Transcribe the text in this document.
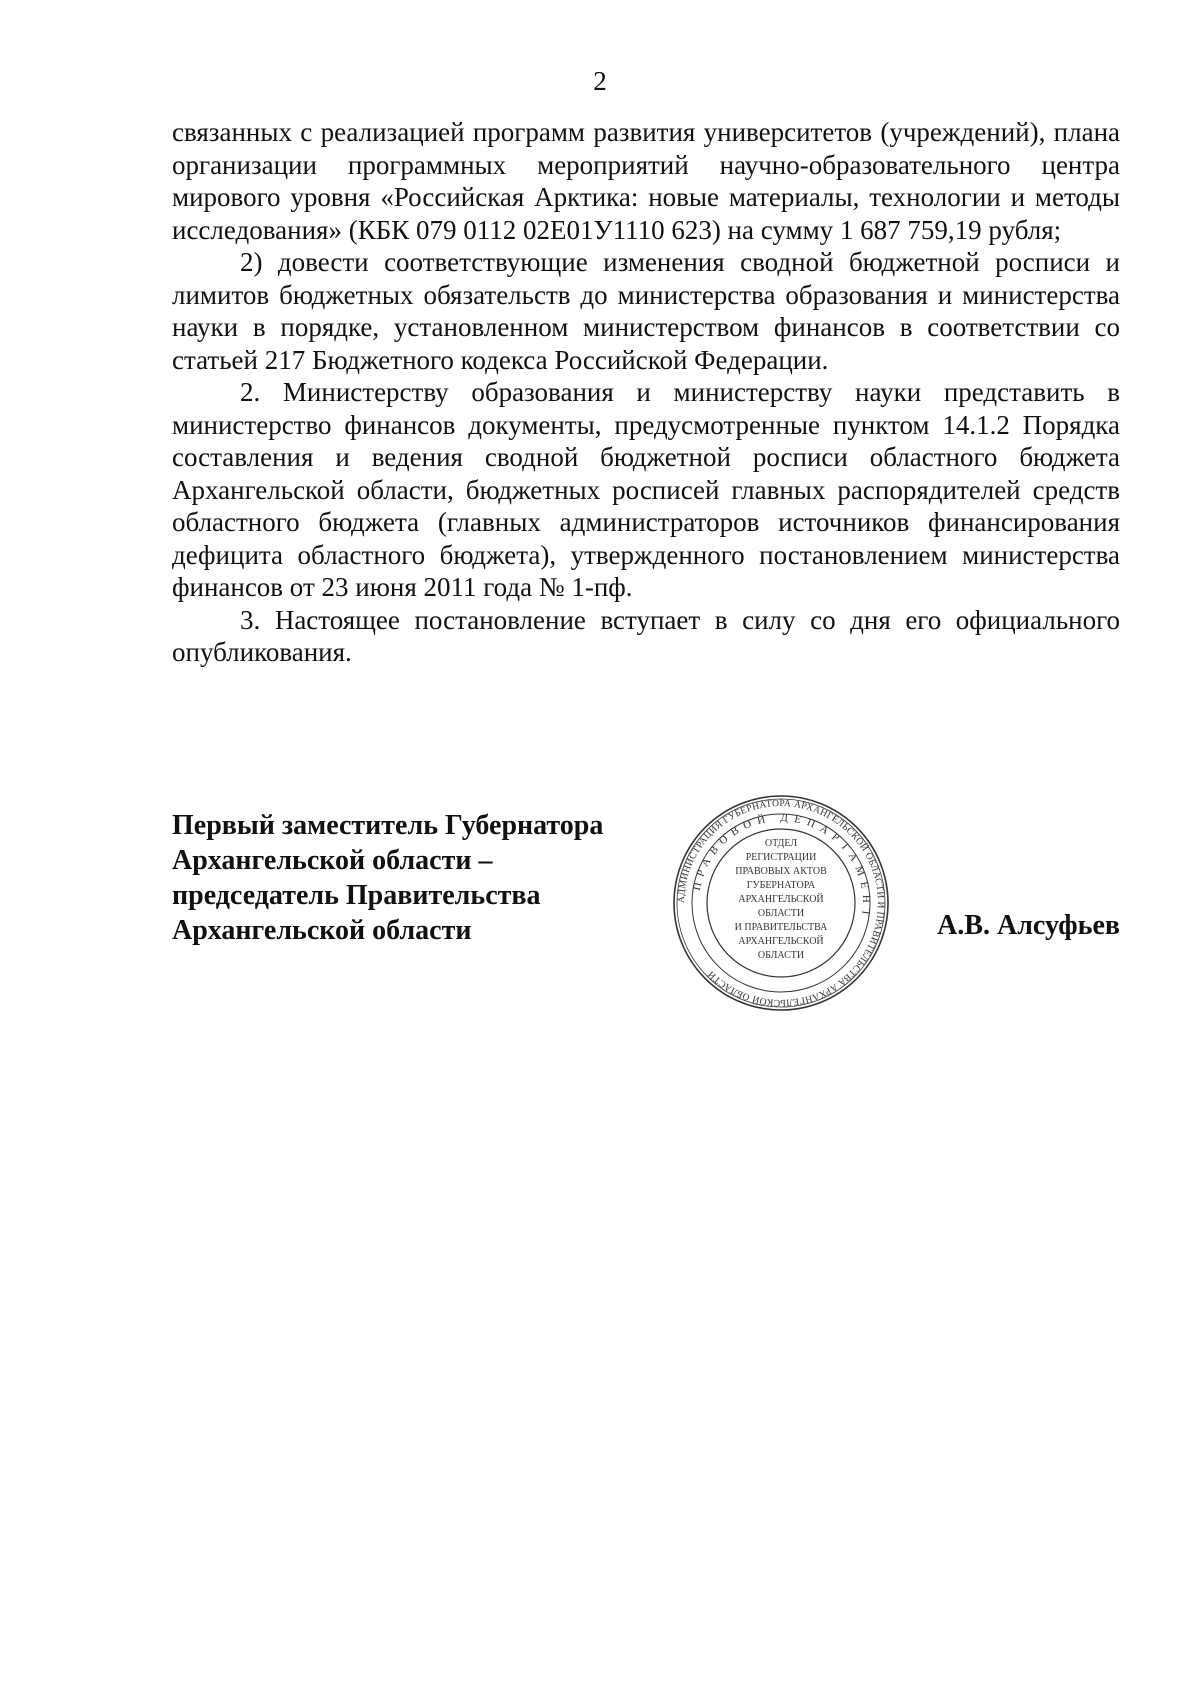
2

связанных с реализацией программ развития университетов (учреждений), плана организации программных мероприятий научно-образовательного центра мирового уровня «Российская Арктика: новые материалы, технологии и методы исследования» (КБК 079 0112 02Е01У1110 623) на сумму 1 687 759,19 рубля;

2) довести соответствующие изменения сводной бюджетной росписи и лимитов бюджетных обязательств до министерства образования и министерства науки в порядке, установленном министерством финансов в соответствии со статьей 217 Бюджетного кодекса Российской Федерации.

2. Министерству образования и министерству науки представить в министерство финансов документы, предусмотренные пунктом 14.1.2 Порядка составления и ведения сводной бюджетной росписи областного бюджета Архангельской области, бюджетных росписей главных распорядителей средств областного бюджета (главных администраторов источников финансирования дефицита областного бюджета), утвержденного постановлением министерства финансов от 23 июня 2011 года № 1-пф.

3. Настоящее постановление вступает в силу со дня его официального опубликования.

Первый заместитель Губернатора
Архангельской области –
председатель Правительства
Архангельской области
АДМИНИСТРАЦИЯ ГУБЕРНАТОРА АРХАНГЕЛЬСКОЙ ОБЛАСТИ И ПРАВИТЕЛЬСТВА АРХАНГЕЛЬСКОЙ ОБЛАСТИ
ПРАВОВОЙ ДЕПАРТАМЕНТ
ОТДЕЛ
РЕГИСТРАЦИИ
ПРАВОВЫХ АКТОВ
ГУБЕРНАТОРА
АРХАНГЕЛЬСКОЙ
ОБЛАСТИ
И ПРАВИТЕЛЬСТВА
АРХАНГЕЛЬСКОЙ
ОБЛАСТИ
А.В. Алсуфьев
